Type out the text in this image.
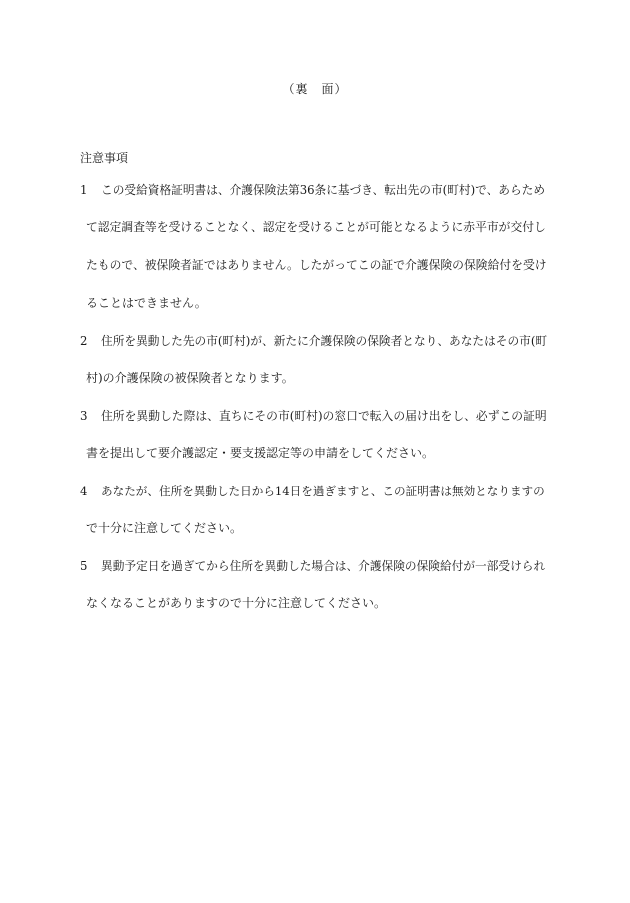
（裏　面）
注意事項
1 この受給資格証明書は、介護保険法第36条に基づき、転出先の市(町村)で、あらため
て認定調査等を受けることなく、認定を受けることが可能となるように赤平市が交付し
たもので、被保険者証ではありません。したがってこの証で介護保険の保険給付を受け
ることはできません。
2 住所を異動した先の市(町村)が、新たに介護保険の保険者となり、あなたはその市(町
村)の介護保険の被保険者となります。
3 住所を異動した際は、直ちにその市(町村)の窓口で転入の届け出をし、必ずこの証明
書を提出して要介護認定・要支援認定等の申請をしてください。
4 あなたが、住所を異動した日から14日を過ぎますと、この証明書は無効となりますの
で十分に注意してください。
5 異動予定日を過ぎてから住所を異動した場合は、介護保険の保険給付が一部受けられ
なくなることがありますので十分に注意してください。
